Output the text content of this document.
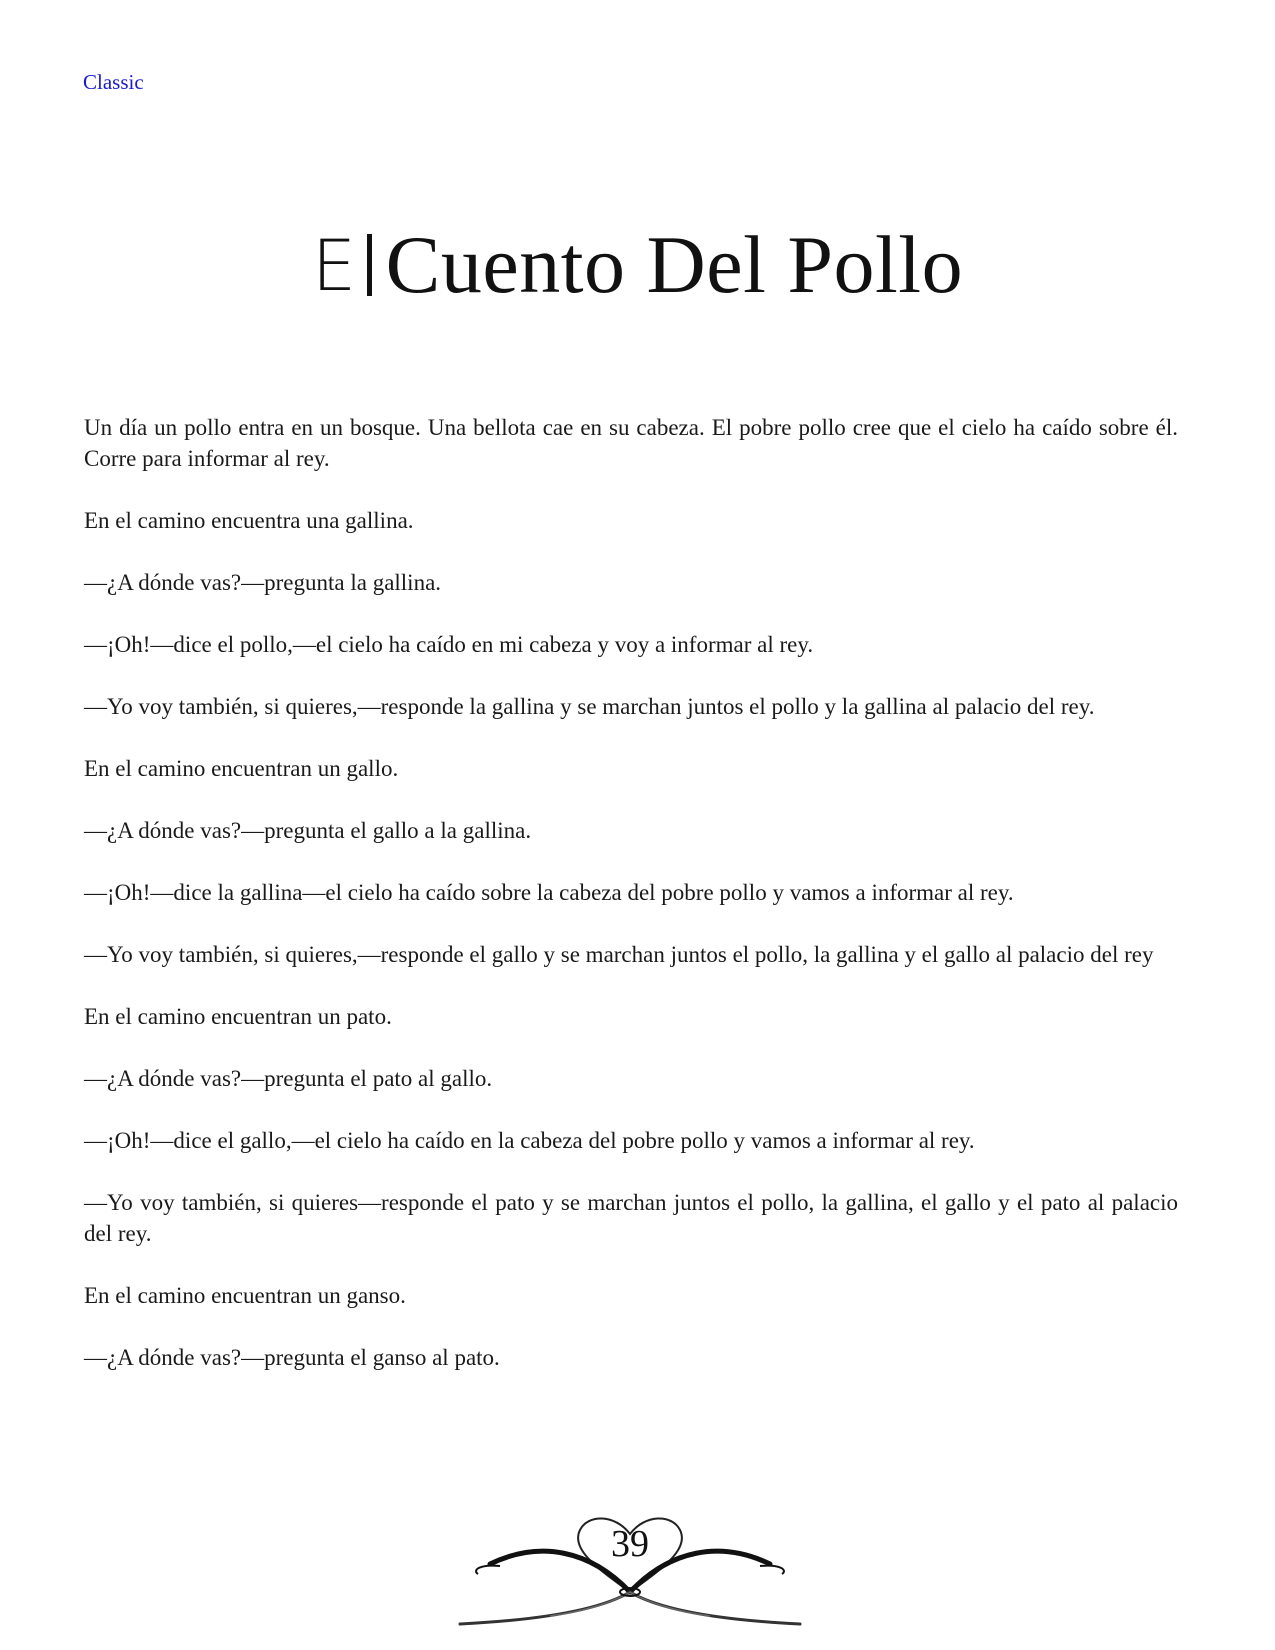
Classic
E Cuento Del Pollo

Un día un pollo entra en un bosque. Una bellota cae en su cabeza. El pobre pollo cree que el cielo ha caído sobre él. Corre para informar al rey.

En el camino encuentra una gallina.

—¿A dónde vas?—pregunta la gallina.

—¡Oh!—dice el pollo,—el cielo ha caído en mi cabeza y voy a informar al rey.

—Yo voy también, si quieres,—responde la gallina y se marchan juntos el pollo y la gallina al palacio del rey.

En el camino encuentran un gallo.

—¿A dónde vas?—pregunta el gallo a la gallina.

—¡Oh!—dice la gallina—el cielo ha caído sobre la cabeza del pobre pollo y vamos a informar al rey.

—Yo voy también, si quieres,—responde el gallo y se marchan juntos el pollo, la gallina y el gallo al palacio del rey

En el camino encuentran un pato.

—¿A dónde vas?—pregunta el pato al gallo.

—¡Oh!—dice el gallo,—el cielo ha caído en la cabeza del pobre pollo y vamos a informar al rey.

—Yo voy también, si quieres—responde el pato y se marchan juntos el pollo, la gallina, el gallo y el pato al palacio del rey.

En el camino encuentran un ganso.

—¿A dónde vas?—pregunta el ganso al pato.

39
